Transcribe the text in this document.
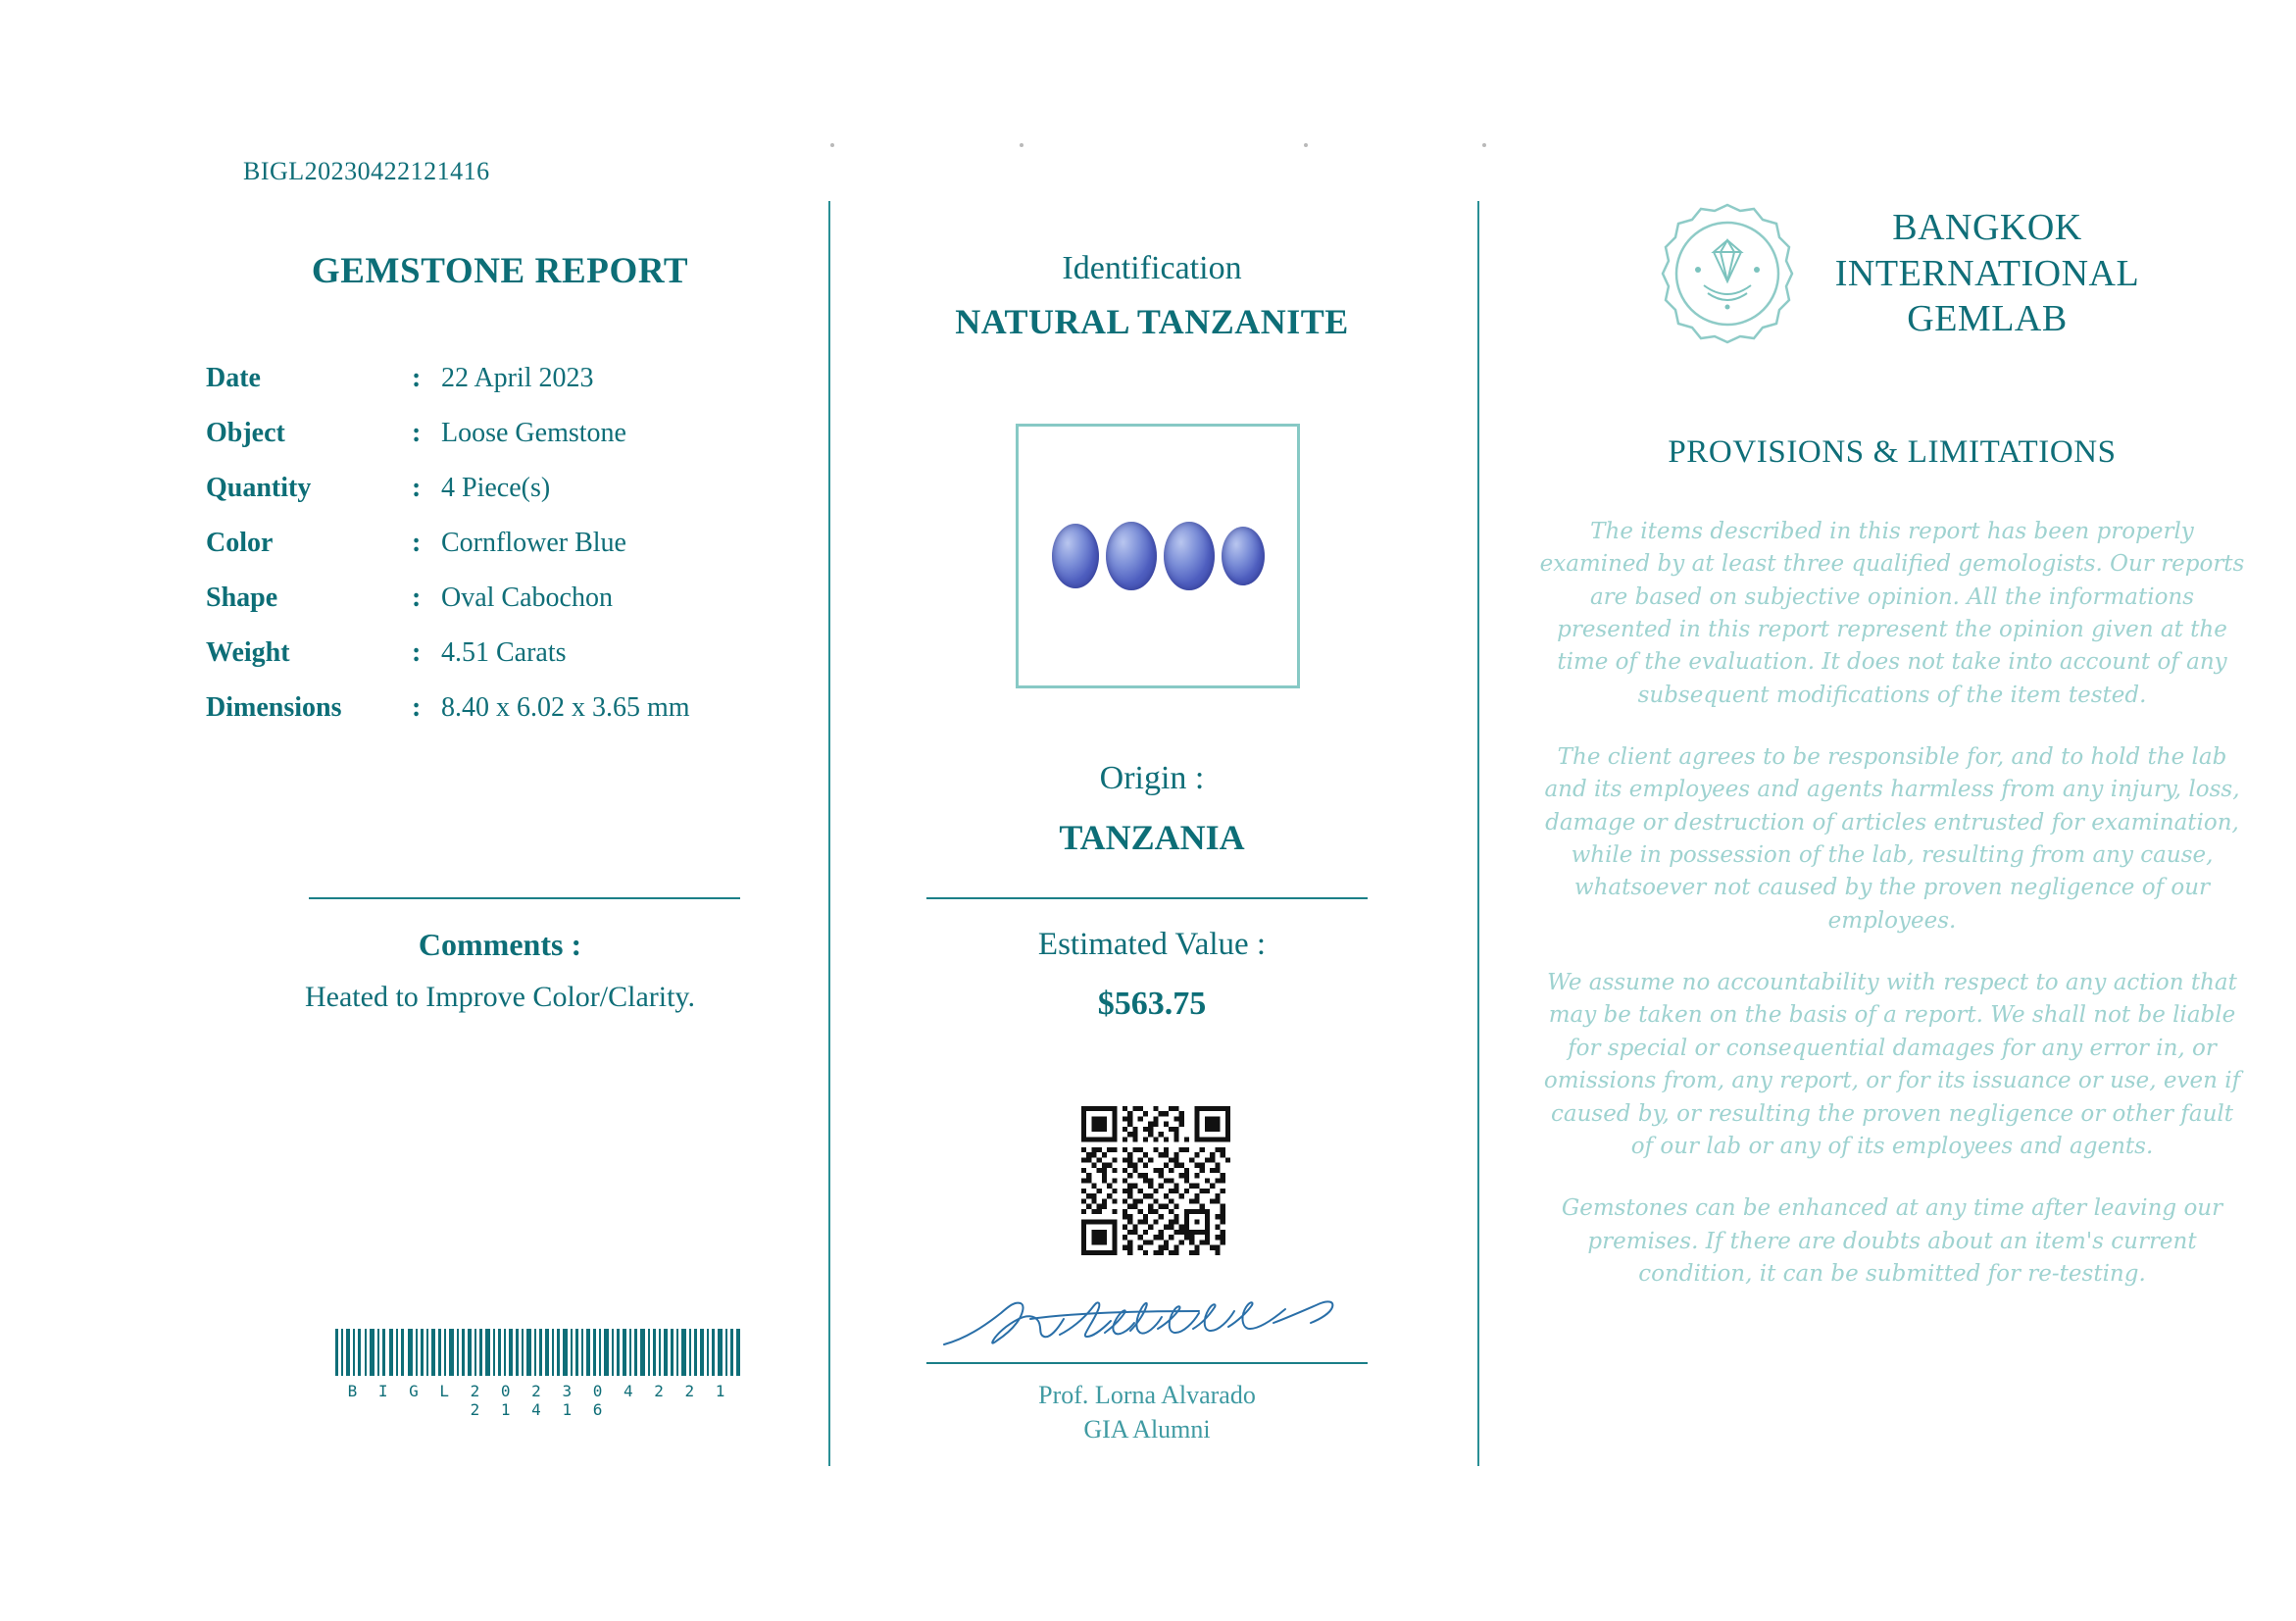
BIGL20230422121416
GEMSTONE REPORT
Date	:	22 April 2023
Object	:	Loose Gemstone
Quantity	:	4 Piece(s)
Color	:	Cornflower Blue
Shape	:	Oval Cabochon
Weight	:	4.51 Carats
Dimensions	:	8.40 x 6.02 x 3.65 mm
Comments :
Heated to Improve Color/Clarity.
B I G L 2 0 2 3 0 4 2 2 1 2 1 4 1 6
Identification
NATURAL TANZANITE
Origin :
TANZANIA
Estimated Value :
$563.75
Prof. Lorna Alvarado
GIA Alumni
BANGKOK
INTERNATIONAL
GEMLAB
PROVISIONS & LIMITATIONS

The items described in this report has been properly examined by at least three qualified gemologists. Our reports are based on subjective opinion. All the informations presented in this report represent the opinion given at the time of the evaluation. It does not take into account of any subsequent modifications of the item tested.

The client agrees to be responsible for, and to hold the lab and its employees and agents harmless from any injury, loss, damage or destruction of articles entrusted for examination, while in possession of the lab, resulting from any cause, whatsoever not caused by the proven negligence of our employees.

We assume no accountability with respect to any action that may be taken on the basis of a report. We shall not be liable for special or consequential damages for any error in, or omissions from, any report, or for its issuance or use, even if caused by, or resulting the proven negligence or other fault of our lab or any of its employees and agents.

Gemstones can be enhanced at any time after leaving our premises. If there are doubts about an item's current condition, it can be submitted for re-testing.
